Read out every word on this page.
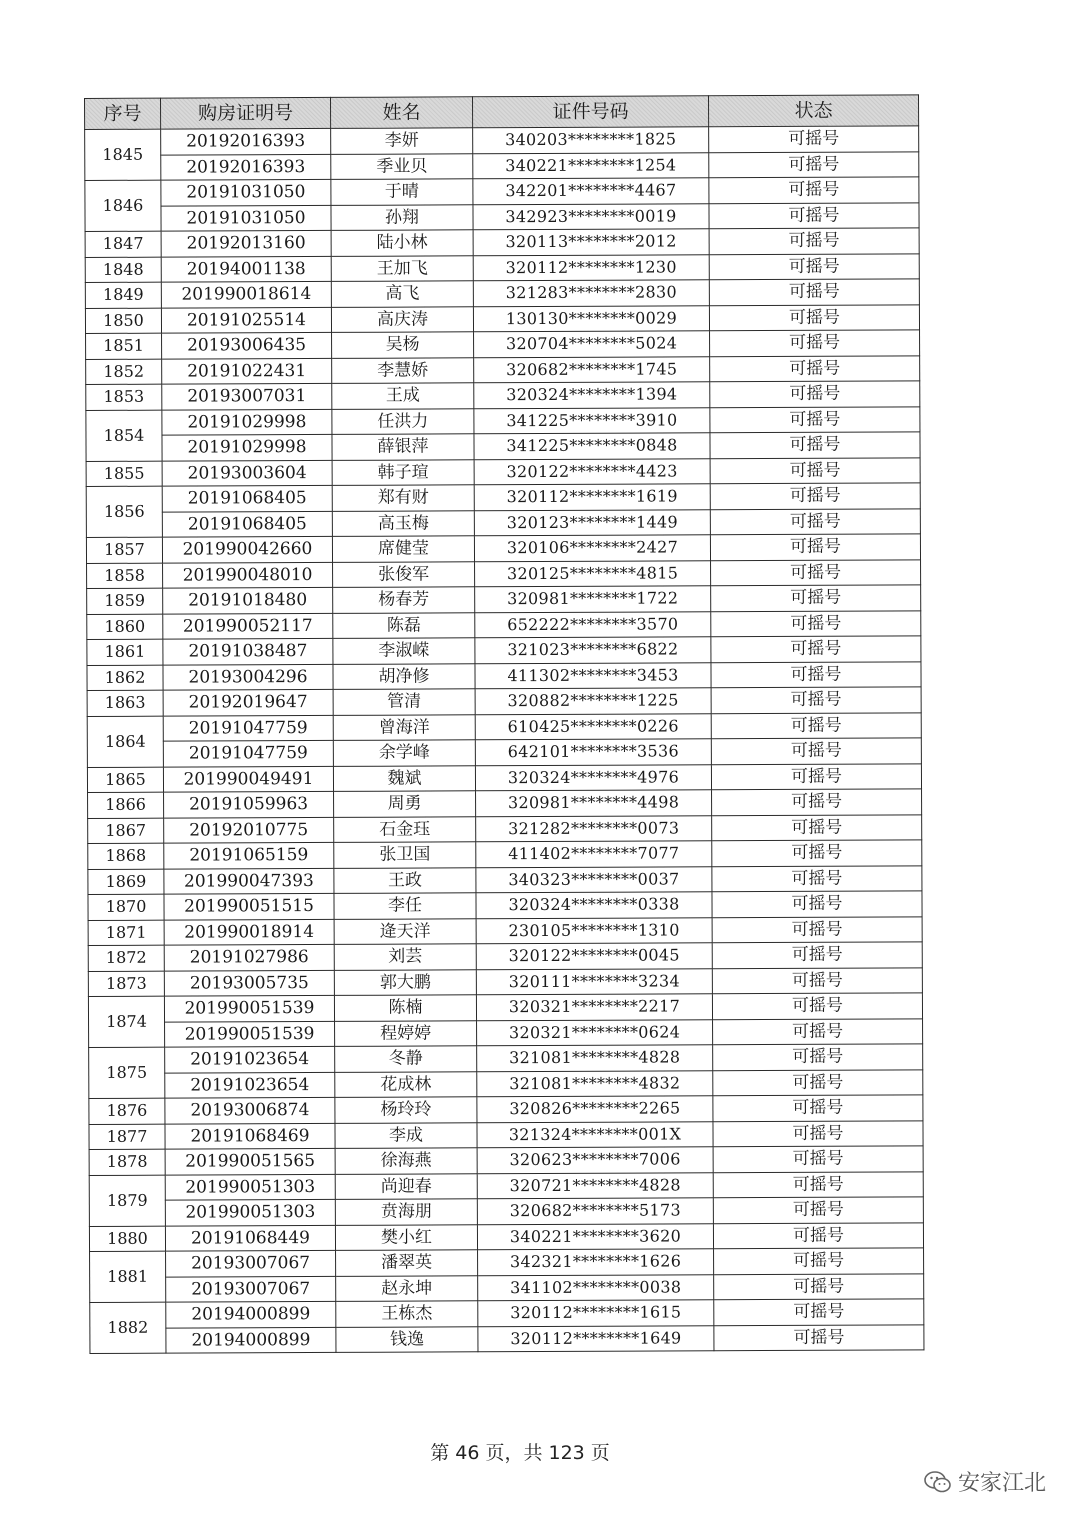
序号	购房证明号	姓名	证件号码	状态
1845	20192016393	李妍	340203********1825	可摇号
	20192016393	季业贝	340221********1254	可摇号
1846	20191031050	于晴	342201********4467	可摇号
	20191031050	孙翔	342923********0019	可摇号
1847	20192013160	陆小林	320113********2012	可摇号
1848	20194001138	王加飞	320112********1230	可摇号
1849	201990018614	高飞	321283********2830	可摇号
1850	20191025514	高庆涛	130130********0029	可摇号
1851	20193006435	吴杨	320704********5024	可摇号
1852	20191022431	李慧娇	320682********1745	可摇号
1853	20193007031	王成	320324********1394	可摇号
1854	20191029998	任洪力	341225********3910	可摇号
	20191029998	薛银萍	341225********0848	可摇号
1855	20193003604	韩子瑄	320122********4423	可摇号
1856	20191068405	郑有财	320112********1619	可摇号
	20191068405	高玉梅	320123********1449	可摇号
1857	201990042660	席健莹	320106********2427	可摇号
1858	201990048010	张俊军	320125********4815	可摇号
1859	20191018480	杨春芳	320981********1722	可摇号
1860	201990052117	陈磊	652222********3570	可摇号
1861	20191038487	李淑嵘	321023********6822	可摇号
1862	20193004296	胡净修	411302********3453	可摇号
1863	20192019647	管清	320882********1225	可摇号
1864	20191047759	曾海洋	610425********0226	可摇号
	20191047759	余学峰	642101********3536	可摇号
1865	201990049491	魏斌	320324********4976	可摇号
1866	20191059963	周勇	320981********4498	可摇号
1867	20192010775	石金珏	321282********0073	可摇号
1868	20191065159	张卫国	411402********7077	可摇号
1869	201990047393	王政	340323********0037	可摇号
1870	201990051515	李任	320324********0338	可摇号
1871	201990018914	逄天洋	230105********1310	可摇号
1872	20191027986	刘芸	320122********0045	可摇号
1873	20193005735	郭大鹏	320111********3234	可摇号
1874	201990051539	陈楠	320321********2217	可摇号
	201990051539	程婷婷	320321********0624	可摇号
1875	20191023654	冬静	321081********4828	可摇号
	20191023654	花成林	321081********4832	可摇号
1876	20193006874	杨玲玲	320826********2265	可摇号
1877	20191068469	李成	321324********001X	可摇号
1878	201990051565	徐海燕	320623********7006	可摇号
1879	201990051303	尚迎春	320721********4828	可摇号
	201990051303	贲海朋	320682********5173	可摇号
1880	20191068449	樊小红	340221********3620	可摇号
1881	20193007067	潘翠英	342321********1626	可摇号
	20193007067	赵永坤	341102********0038	可摇号
1882	20194000899	王栋杰	320112********1615	可摇号
	20194000899	钱逸	320112********1649	可摇号
第 46 页，共 123 页
安家江北
